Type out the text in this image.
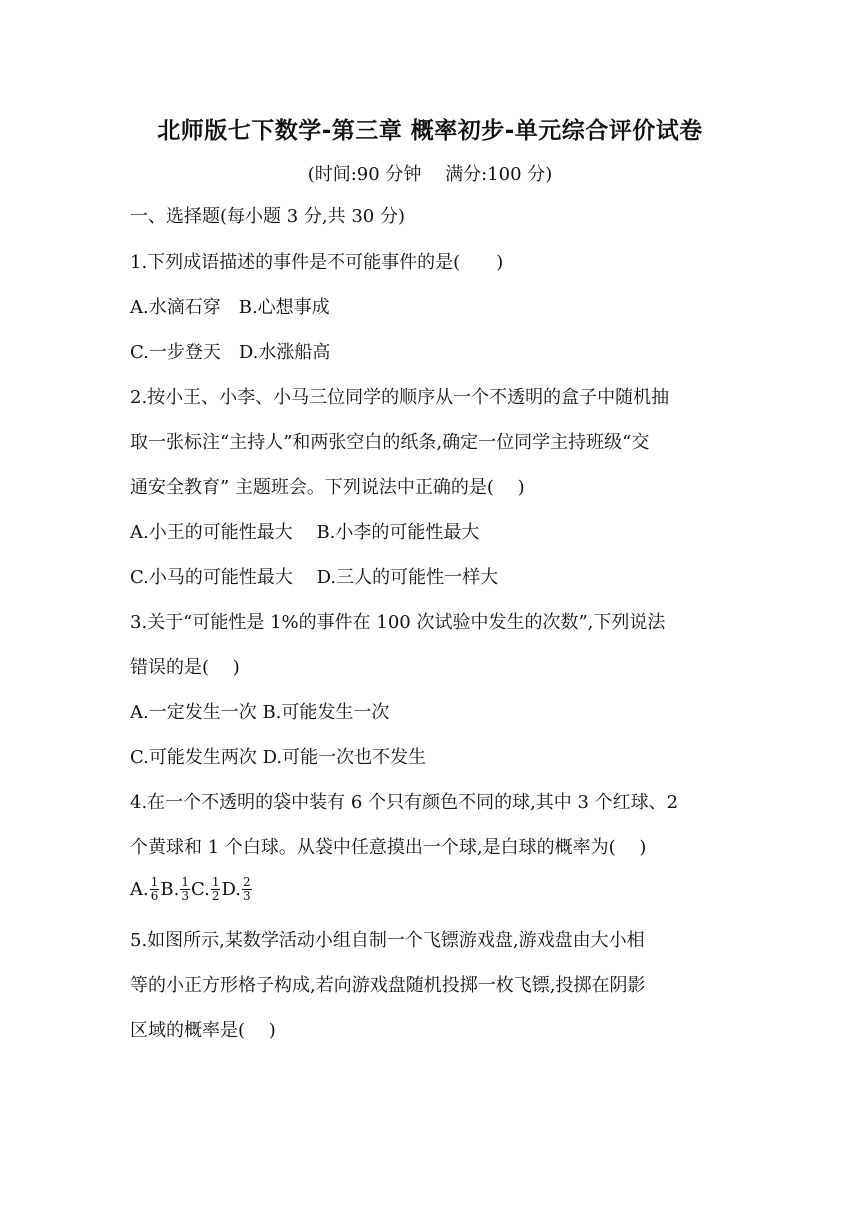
北师版七下数学-第三章 概率初步-单元综合评价试卷
(时间:90 分钟　 满分:100 分)
一、选择题(每小题 3 分,共 30 分)
1.下列成语描述的事件是不可能事件的是(　　)
A.水滴石穿　B.心想事成
C.一步登天　D.水涨船高
2.按小王、小李、小马三位同学的顺序从一个不透明的盒子中随机抽
取一张标注“主持人”和两张空白的纸条,确定一位同学主持班级“交
通安全教育” 主题班会。下列说法中正确的是(　 )
A.小王的可能性最大　 B.小李的可能性最大
C.小马的可能性最大　 D.三人的可能性一样大
3.关于“可能性是 1%的事件在 100 次试验中发生的次数”,下列说法
错误的是(　 )
A.一定发生一次 B.可能发生一次
C.可能发生两次 D.可能一次也不发生
4.在一个不透明的袋中装有 6 个只有颜色不同的球,其中 3 个红球、2
个黄球和 1 个白球。从袋中任意摸出一个球,是白球的概率为(　 )
A. $\frac{1}{6} B$. $\frac{1}{3} C$. $\frac{1}{2} D$. $\frac{2}{3}$
5.如图所示,某数学活动小组自制一个飞镖游戏盘,游戏盘由大小相
等的小正方形格子构成,若向游戏盘随机投掷一枚飞镖,投掷在阴影
区域的概率是(　 )
